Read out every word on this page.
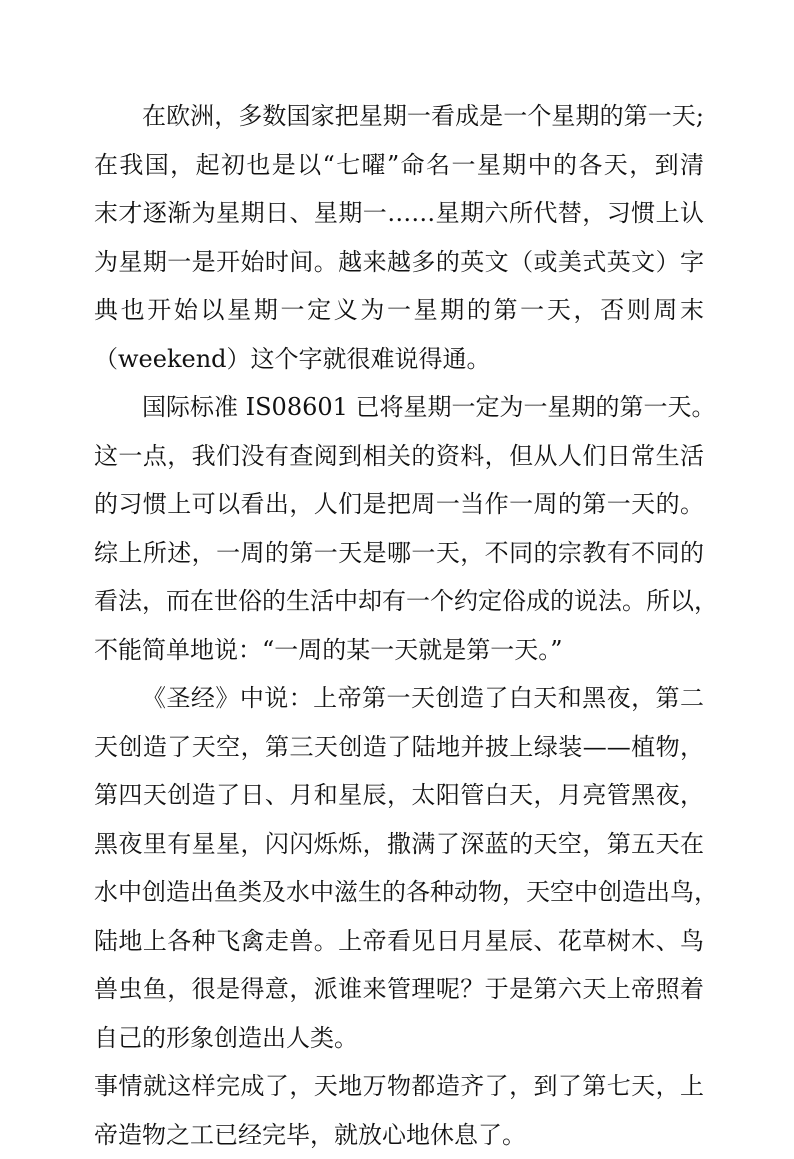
在欧洲，多数国家把星期一看成是一个星期的第一天;
在我国，起初也是以“七曜”命名一星期中的各天，到清
末才逐渐为星期日、星期一……星期六所代替，习惯上认
为星期一是开始时间。越来越多的英文（或美式英文）字
典也开始以星期一定义为一星期的第一天，否则周末
（weekend）这个字就很难说得通。
国际标准 IS08601 已将星期一定为一星期的第一天。
这一点，我们没有查阅到相关的资料，但从人们日常生活
的习惯上可以看出，人们是把周一当作一周的第一天的。
综上所述，一周的第一天是哪一天，不同的宗教有不同的
看法，而在世俗的生活中却有一个约定俗成的说法。所以，
不能简单地说：“一周的某一天就是第一天。”
《圣经》中说：上帝第一天创造了白天和黑夜，第二
天创造了天空，第三天创造了陆地并披上绿装——植物，
第四天创造了日、月和星辰，太阳管白天，月亮管黑夜，
黑夜里有星星，闪闪烁烁，撒满了深蓝的天空，第五天在
水中创造出鱼类及水中滋生的各种动物，天空中创造出鸟，
陆地上各种飞禽走兽。上帝看见日月星辰、花草树木、鸟
兽虫鱼，很是得意，派谁来管理呢？于是第六天上帝照着
自己的形象创造出人类。
事情就这样完成了，天地万物都造齐了，到了第七天，上
帝造物之工已经完毕，就放心地休息了。
